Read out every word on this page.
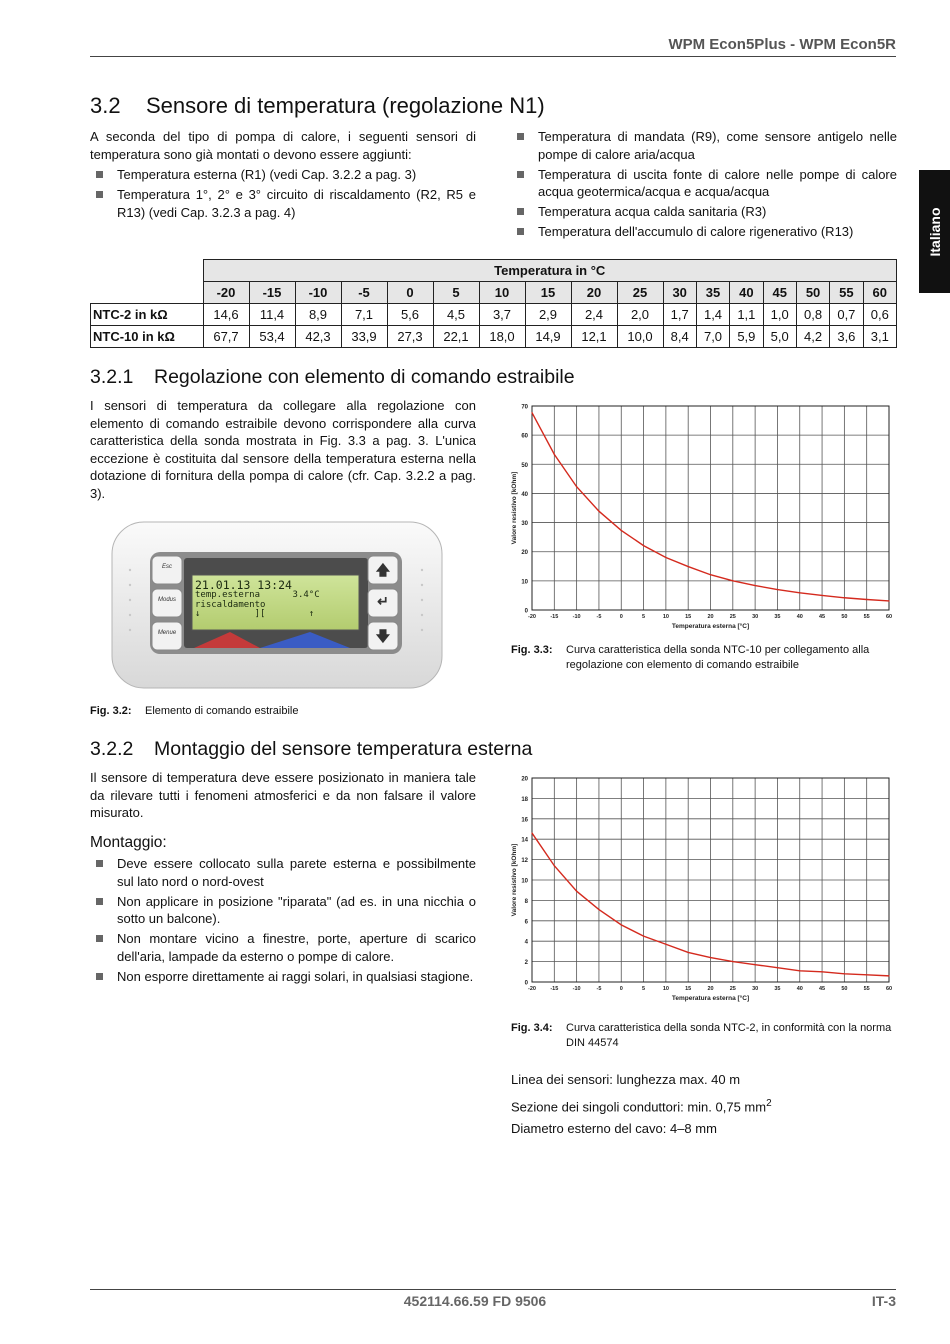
WPM Econ5Plus - WPM Econ5R
Italiano
3.2 Sensore di temperatura (regolazione N1)
A seconda del tipo di pompa di calore, i seguenti sensori di temperatura sono già montati o devono essere aggiunti:
Temperatura esterna (R1) (vedi Cap. 3.2.2 a pag. 3)
Temperatura 1°, 2° e 3° circuito di riscaldamento (R2, R5 e R13) (vedi Cap. 3.2.3 a pag. 4)
Temperatura di mandata (R9), come sensore antigelo nelle pompe di calore aria/acqua
Temperatura di uscita fonte di calore nelle pompe di calore acqua geotermica/acqua e acqua/acqua
Temperatura acqua calda sanitaria (R3)
Temperatura dell'accumulo di calore rigenerativo (R13)
	Temperatura in °C																
	-20	-15	-10	-5	0	5	10	15	20	25	30	35	40	45	50	55	60
NTC-2 in kΩ	14,6	11,4	8,9	7,1	5,6	4,5	3,7	2,9	2,4	2,0	1,7	1,4	1,1	1,0	0,8	0,7	0,6
NTC-10 in kΩ	67,7	53,4	42,3	33,9	27,3	22,1	18,0	14,9	12,1	10,0	8,4	7,0	5,9	5,0	4,2	3,6	3,1
3.2.1 Regolazione con elemento di comando estraibile
I sensori di temperatura da collegare alla regolazione con elemento di comando estraibile devono corrispondere alla curva caratteristica della sonda mostrata in Fig. 3.3 a pag. 3. L'unica eccezione è costituita dal sensore della temperatura esterna nella dotazione di fornitura della pompa di calore (cfr. Cap. 3.2.2 a pag. 3).
Esc
Modus
Menue
🡅
↵
🡇
21.01.13 13:24
temp.esterna      3.4°C
riscaldamento
↓          ][        ↑
Fig. 3.2: Elemento di comando estraibile
0
10
20
30
40
50
60
70
-20	-15	-10	-5	0	5	10	15	20	25	30	35	40	45	50	55	60
Temperatura esterna [°C]
Valore resistivo [kOhm]
Fig. 3.3: Curva caratteristica della sonda NTC-10 per collegamento alla regolazione con elemento di comando estraibile
3.2.2 Montaggio del sensore temperatura esterna
Il sensore di temperatura deve essere posizionato in maniera tale da rilevare tutti i fenomeni atmosferici e da non falsare il valore misurato.
Montaggio:
Deve essere collocato sulla parete esterna e possibilmente sul lato nord o nord-ovest
Non applicare in posizione "riparata" (ad es. in una nicchia o sotto un balcone).
Non montare vicino a finestre, porte, aperture di scarico dell'aria, lampade da esterno o pompe di calore.
Non esporre direttamente ai raggi solari, in qualsiasi stagione.	0
2
4
6
8
10
12
14
16
18
20
-20	-15	-10	-5	0	5	10	15	20	25	30	35	40	45	50	55	60
Temperatura esterna [°C]
Valore resistivo [kOhm]
Fig. 3.4: Curva caratteristica della sonda NTC-2, in conformità con la norma DIN 44574
Linea dei sensori: lunghezza max. 40 m
Sezione dei singoli conduttori: min. 0,75 $mm^2$
Diametro esterno del cavo: 4–8 mm
452114.66.59 FD 9506	IT-3
